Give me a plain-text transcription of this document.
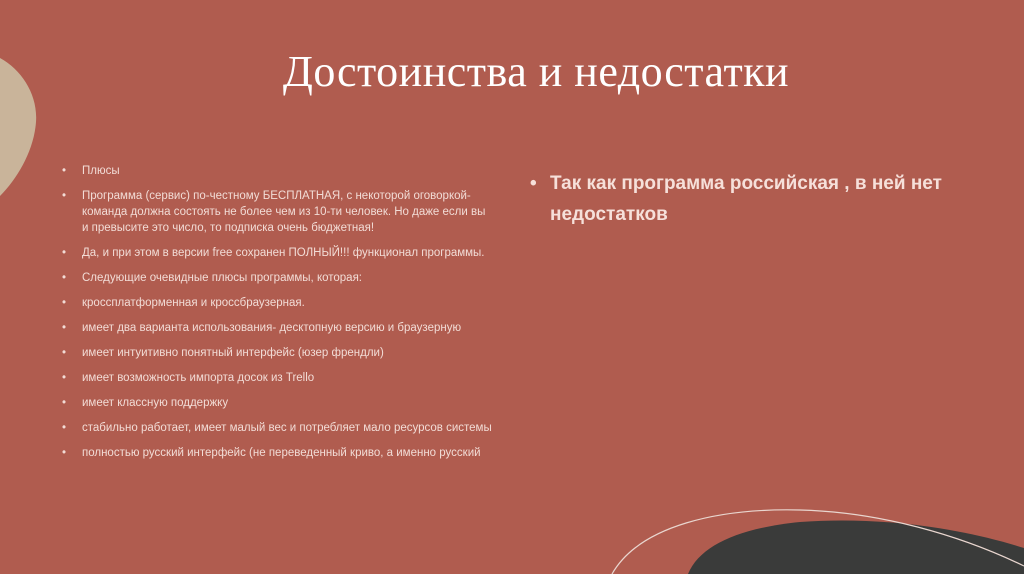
Достоинства и недостатки
• Плюсы
• Программа (сервис) по-честному БЕСПЛАТНАЯ, с некоторой оговоркой- команда должна состоять не более чем из 10-ти человек. Но даже если вы и превысите это число, то подписка очень бюджетная!
• Да, и при этом в версии free сохранен ПОЛНЫЙ!!! функционал программы.
• Следующие очевидные плюсы программы, которая:
• кроссплатформенная и кроссбраузерная.
• имеет два варианта использования- десктопную версию и браузерную
• имеет интуитивно понятный интерфейс (юзер френдли)
• имеет возможность импорта досок из Trello
• имеет классную поддержку
• стабильно работает, имеет малый вес и потребляет мало ресурсов системы
• полностью русский интерфейс (не переведенный криво, а именно русский
• Так как программа российская , в ней нет недостатков
